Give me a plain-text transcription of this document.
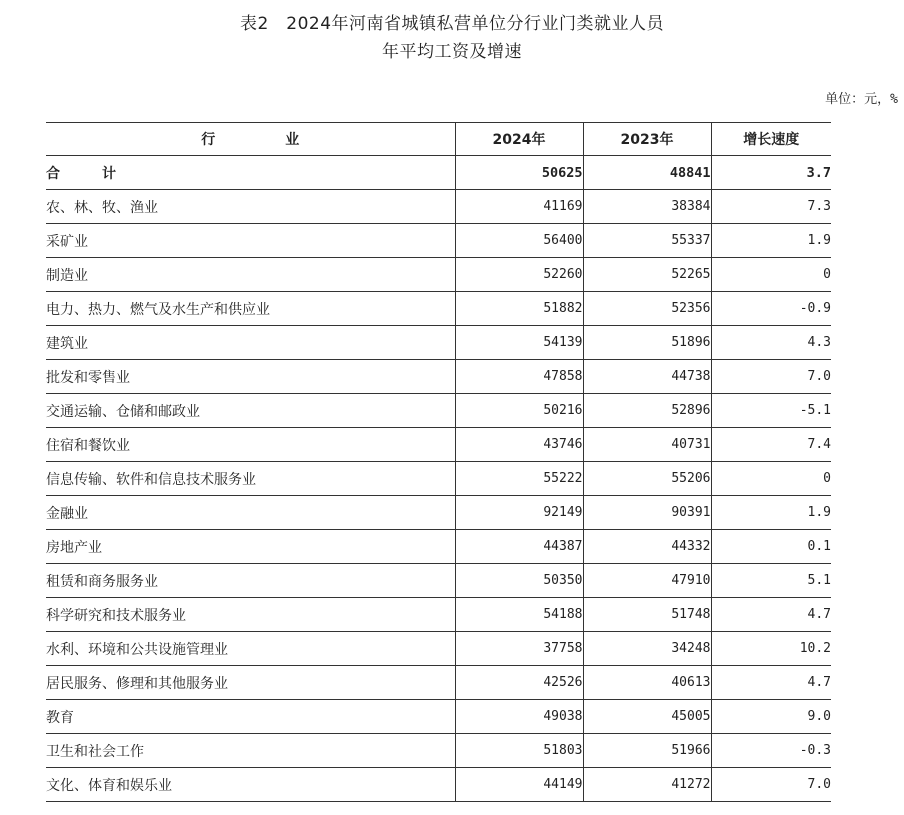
表2　2024年河南省城镇私营单位分行业门类就业人员
年平均工资及增速
单位：元，%
行　　　　　业	2024年	2023年	增长速度
合　　　计	50625	48841	3.7
农、林、牧、渔业	41169	38384	7.3
采矿业	56400	55337	1.9
制造业	52260	52265	0
电力、热力、燃气及水生产和供应业	51882	52356	-0.9
建筑业	54139	51896	4.3
批发和零售业	47858	44738	7.0
交通运输、仓储和邮政业	50216	52896	-5.1
住宿和餐饮业	43746	40731	7.4
信息传输、软件和信息技术服务业	55222	55206	0
金融业	92149	90391	1.9
房地产业	44387	44332	0.1
租赁和商务服务业	50350	47910	5.1
科学研究和技术服务业	54188	51748	4.7
水利、环境和公共设施管理业	37758	34248	10.2
居民服务、修理和其他服务业	42526	40613	4.7
教育	49038	45005	9.0
卫生和社会工作	51803	51966	-0.3
文化、体育和娱乐业	44149	41272	7.0
